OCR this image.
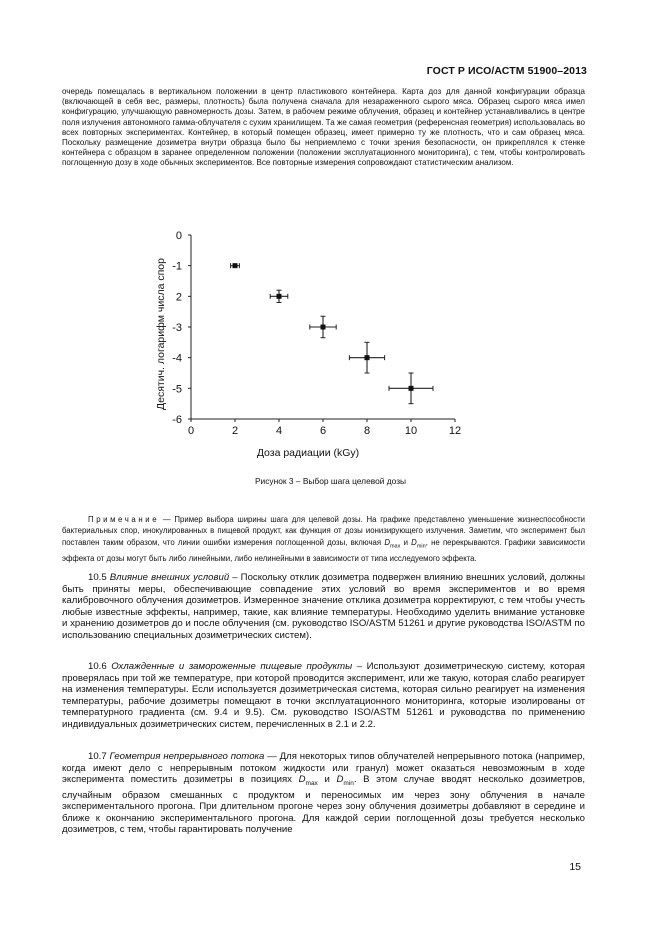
ГОСТ Р ИСО/АСТМ 51900–2013
очередь помещалась в вертикальном положении в центр пластикового контейнера. Карта доз для данной конфигурации образца (включающей в себя вес, размеры, плотность) была получена сначала для незараженного сырого мяса. Образец сырого мяса имел конфигурацию, улучшающую равномерность дозы. Затем, в рабочем режиме облучения, образец и контейнер устанавливались в центре поля излучения автономного гамма-облучателя с сухим хранилищем. Та же самая геометрия (референсная геометрия) использовалась во всех повторных экспериментах. Контейнер, в который помещен образец, имеет примерно ту же плотность, что и сам образец мяса. Поскольку размещение дозиметра внутри образца было бы неприемлемо с точки зрения безопасности, он прикреплялся к стенке контейнера с образцом в заранее определенном положении (положении эксплуатационного мониторинга), с тем, чтобы контролировать поглощенную дозу в ходе обычных экспериментов. Все повторные измерения сопровождают статистическим анализом.
0
-1
2
-3
-4
-5
-6
0	2	4	6	8	10	12
Доза радиации (kGy)
Десятич. логарифм числа спор
Рисунок 3 – Выбор шага целевой дозы
Примечание — Пример выбора ширины шага для целевой дозы. На графике представлено уменьшение жизнеспособности бактериальных спор, инокулированных в пищевой продукт, как функция от дозы ионизирующего излучения. Заметим, что эксперимент был поставлен таким образом, что линии ошибки измерения поглощенной дозы, включая $D_{max}$ и $D_{min}$, не перекрываются. Графики зависимости эффекта от дозы могут быть либо линейными, либо нелинейными в зависимости от типа исследуемого эффекта.
10.5 Влияние внешних условий – Поскольку отклик дозиметра подвержен влиянию внешних условий, должны быть приняты меры, обеспечивающие совпадение этих условий во время экспериментов и во время калибровочного облучения дозиметров. Измеренное значение отклика дозиметра корректируют, с тем чтобы учесть любые известные эффекты, например, такие, как влияние температуры. Необходимо уделить внимание установке и хранению дозиметров до и после облучения (см. руководство ISO/ASTM 51261 и другие руководства ISO/ASTM по использованию специальных дозиметрических систем).
10.6 Охлажденные и замороженные пищевые продукты – Используют дозиметрическую систему, которая проверялась при той же температуре, при которой проводится эксперимент, или же такую, которая слабо реагирует на изменения температуры. Если используется дозиметрическая система, которая сильно реагирует на изменения температуры, рабочие дозиметры помещают в точки эксплуатационного мониторинга, которые изолированы от температурного градиента (см. 9.4 и 9.5). См. руководство ISO/ASTM 51261 и руководства по применению индивидуальных дозиметрических систем, перечисленных в 2.1 и 2.2.
10.7 Геометрия непрерывного потока — Для некоторых типов облучателей непрерывного потока (например, когда имеют дело с непрерывным потоком жидкости или гранул) может оказаться невозможным в ходе эксперимента поместить дозиметры в позициях $D_{max}$ и $D_{min}$. В этом случае вводят несколько дозиметров, случайным образом смешанных с продуктом и переносимых им через зону облучения в начале экспериментального прогона. При длительном прогоне через зону облучения дозиметры добавляют в середине и ближе к окончанию экспериментального прогона. Для каждой серии поглощенной дозы требуется несколько дозиметров, с тем, чтобы гарантировать получение
15
